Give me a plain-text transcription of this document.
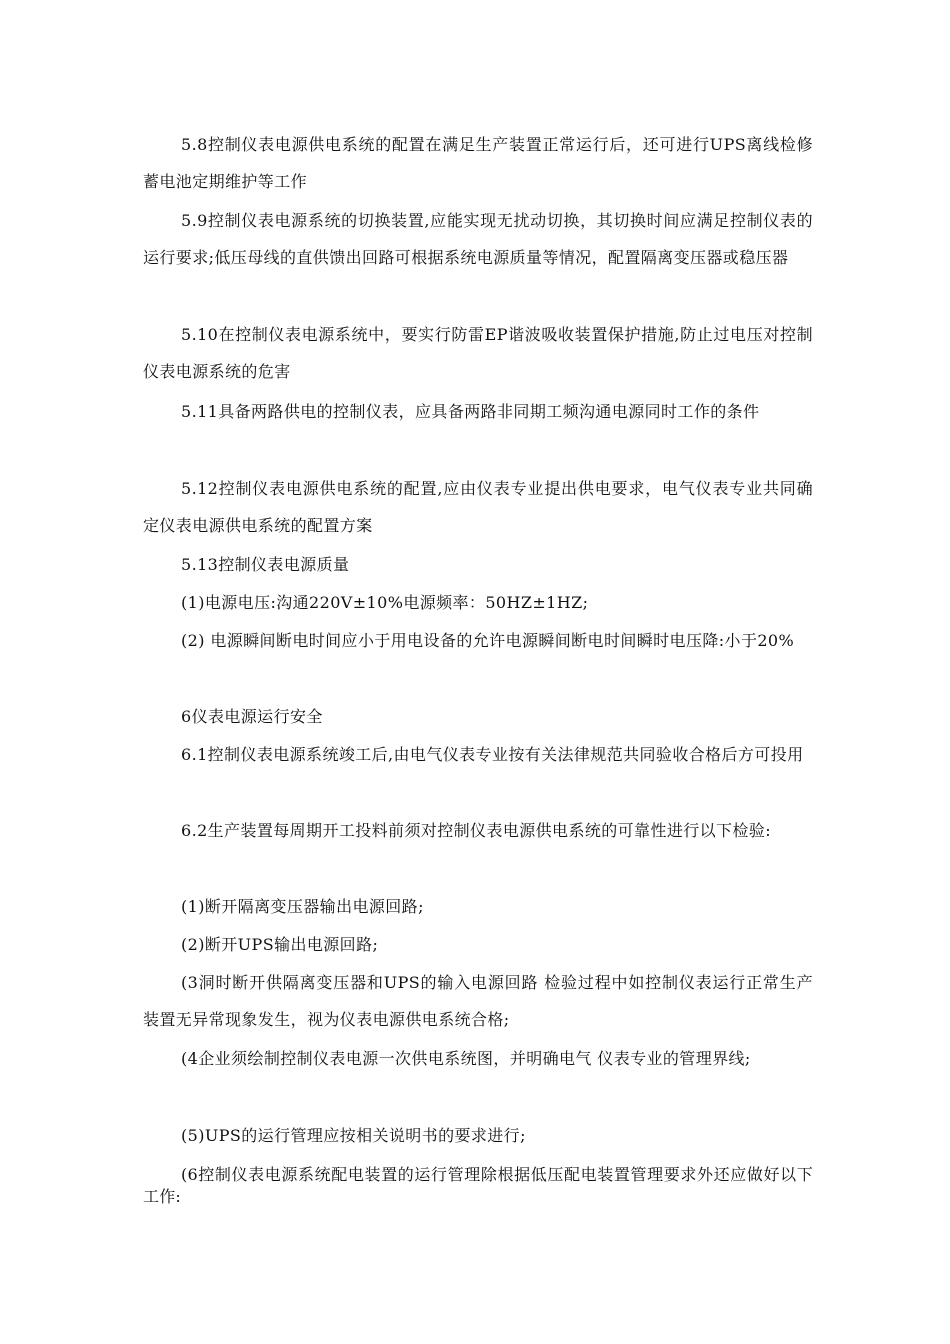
5.8控制仪表电源供电系统的配置在满足生产装置正常运行后，还可进行UPS离线检修蓄电池定期维护等工作

5.9控制仪表电源系统的切换装置,应能实现无扰动切换，其切换时间应满足控制仪表的运行要求;低压母线的直供馈出回路可根据系统电源质量等情况，配置隔离变压器或稳压器

5.10在控制仪表电源系统中，要实行防雷EP谐波吸收装置保护措施,防止过电压对控制仪表电源系统的危害

5.11具备两路供电的控制仪表，应具备两路非同期工频沟通电源同时工作的条件

5.12控制仪表电源供电系统的配置,应由仪表专业提出供电要求，电气仪表专业共同确定仪表电源供电系统的配置方案

5.13控制仪表电源质量

(1)电源电压:沟通220V±10%电源频率：50HZ±1HZ;

(2) 电源瞬间断电时间应小于用电设备的允许电源瞬间断电时间瞬时电压降:小于20%

6仪表电源运行安全

6.1控制仪表电源系统竣工后,由电气仪表专业按有关法律规范共同验收合格后方可投用

6.2生产装置每周期开工投料前须对控制仪表电源供电系统的可靠性进行以下检验:

(1)断开隔离变压器输出电源回路;

(2)断开UPS输出电源回路;

(3洞时断开供隔离变压器和UPS的输入电源回路 检验过程中如控制仪表运行正常生产装置无异常现象发生，视为仪表电源供电系统合格;

(4企业须绘制控制仪表电源一次供电系统图，并明确电气 仪表专业的管理界线;

(5)UPS的运行管理应按相关说明书的要求进行;

(6控制仪表电源系统配电装置的运行管理除根据低压配电装置管理要求外还应做好以下工作:
